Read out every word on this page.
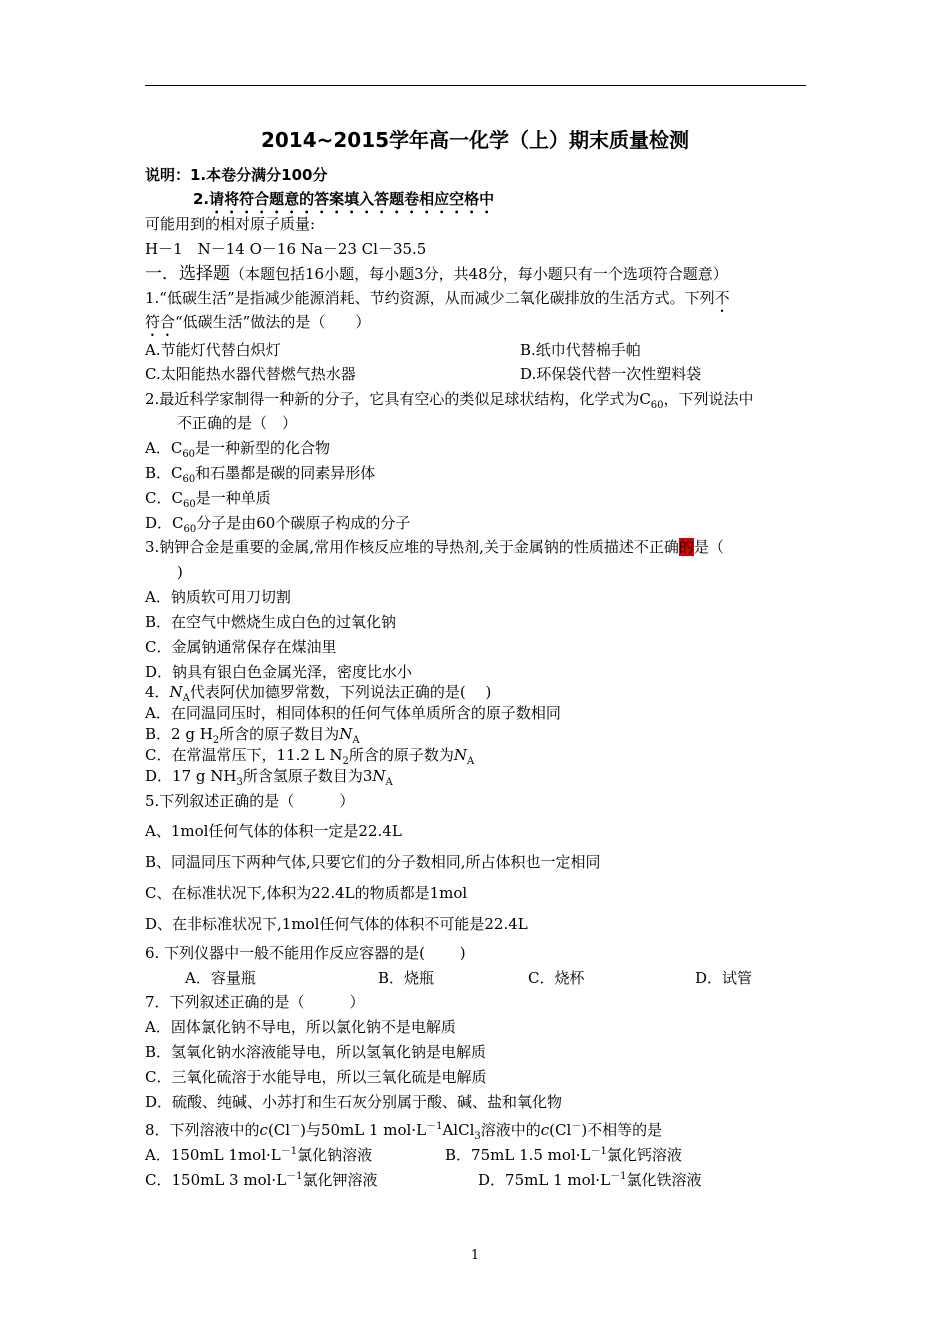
2014~2015学年高一化学（上）期末质量检测
说明：1.本卷分满分100分
2.请将符合题意的答案填入答题卷相应空格中
可能用到的相对原子质量:
H－1　N－14 O－16 Na－23 Cl－35.5
一．选择题（本题包括16小题，每小题3分，共48分，每小题只有一个选项符合题意）
1.“低碳生活”是指减少能源消耗、节约资源，从而减少二氧化碳排放的生活方式。下列不
符合“低碳生活”做法的是（　　）
A.节能灯代替白炽灯	B.纸巾代替棉手帕
C.太阳能热水器代替燃气热水器	D.环保袋代替一次性塑料袋
2.最近科学家制得一种新的分子，它具有空心的类似足球状结构，化学式为$C_{60}$，下列说法中
不正确的是（　）
A．$C_{60}$是一种新型的化合物
B．$C_{60}$和石墨都是碳的同素异形体
C．$C_{60}$是一种单质
D．$C_{60}$分子是由60个碳原子构成的分子
3.钠钾合金是重要的金属,常用作核反应堆的导热剂,关于金属钠的性质描述不正确的是（
)
A．钠质软可用刀切割
B．在空气中燃烧生成白色的过氧化钠
C．金属钠通常保存在煤油里
D．钠具有银白色金属光泽，密度比水小
4．$N_A$代表阿伏加德罗常数，下列说法正确的是(　 )
A．在同温同压时，相同体积的任何气体单质所含的原子数相同
B．2 g $H_2$所含的原子数目为$N_A$
C．在常温常压下，11.2 L $N_2$所含的原子数为$N_A$
D．17 g $NH_3$所含氢原子数目为$3N_A$
5.下列叙述正确的是（　　　）
A、1mol任何气体的体积一定是22.4L
B、同温同压下两种气体,只要它们的分子数相同,所占体积也一定相同
C、在标准状况下,体积为22.4L的物质都是1mol
D、在非标准状况下,1mol任何气体的体积不可能是22.4L
6. 下列仪器中一般不能用作反应容器的是(　　 )
A．容量瓶	B．烧瓶	C．烧杯	D．试管
7．下列叙述正确的是（　　　）
A．固体氯化钠不导电，所以氯化钠不是电解质
B．氢氧化钠水溶液能导电，所以氢氧化钠是电解质
C．三氧化硫溶于水能导电，所以三氧化硫是电解质
D．硫酸、纯碱、小苏打和生石灰分别属于酸、碱、盐和氧化物
8．下列溶液中的c(Cl－)与50mL 1 $mol\cdot L^{-1}AlCl_3$溶液中的c(Cl－)不相等的是
A．150mL $1mol\cdot L^{-1}$氯化钠溶液	B．75mL 1.5 $mol\cdot L^{-1}$氯化钙溶液
C．150mL 3 $mol\cdot L^{-1}$氯化钾溶液	D．75mL 1 $mol\cdot L^{-1}$氯化铁溶液
1
